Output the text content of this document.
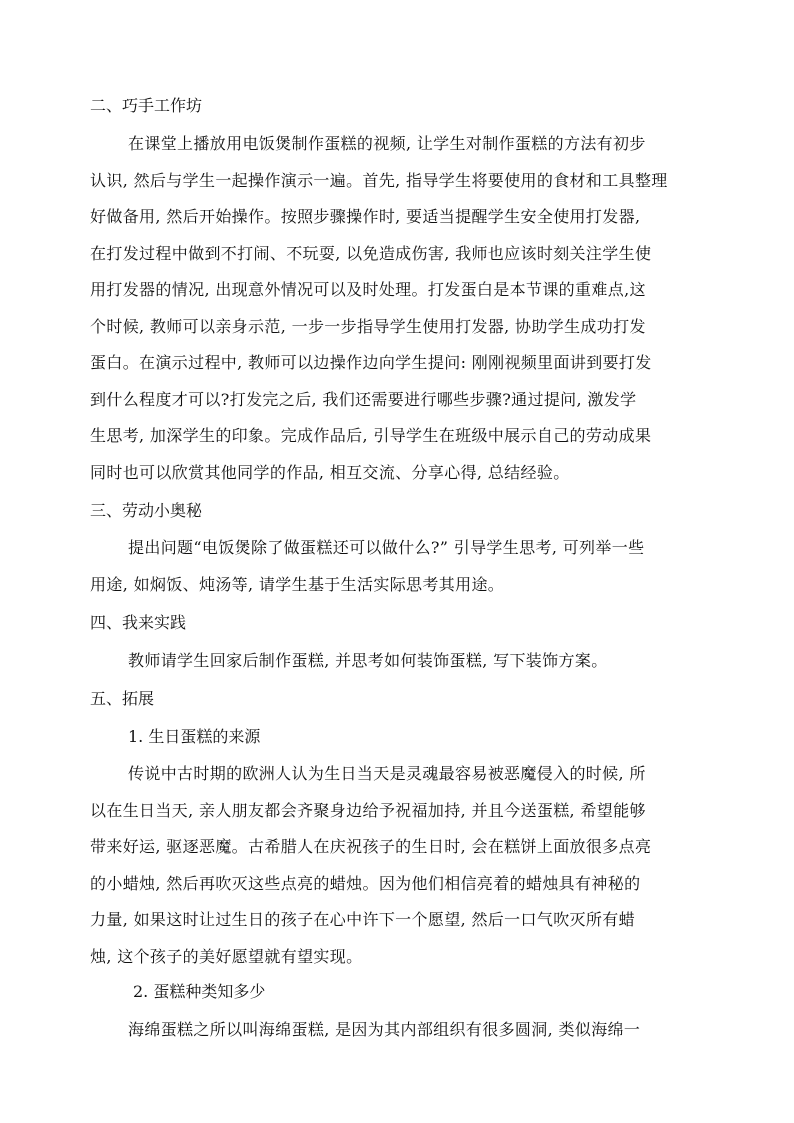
二、巧手工作坊
在课堂上播放用电饭煲制作蛋糕的视频, 让学生对制作蛋糕的方法有初步
认识, 然后与学生一起操作演示一遍。首先, 指导学生将要使用的食材和工具整理
好做备用, 然后开始操作。按照步骤操作时, 要适当提醒学生安全使用打发器,
在打发过程中做到不打闹、不玩耍, 以免造成伤害, 我师也应该时刻关注学生使
用打发器的情况, 出现意外情况可以及时处理。打发蛋白是本节课的重难点,这
个时候, 教师可以亲身示范, 一步一步指导学生使用打发器, 协助学生成功打发
蛋白。在演示过程中, 教师可以边操作边向学生提问: 刚刚视频里面讲到要打发
到什么程度才可以?打发完之后, 我们还需要进行哪些步骤?通过提问, 激发学
生思考, 加深学生的印象。完成作品后, 引导学生在班级中展示自己的劳动成果
同时也可以欣赏其他同学的作品, 相互交流、分享心得, 总结经验。
三、劳动小奥秘
提出问题“电饭煲除了做蛋糕还可以做什么?” 引导学生思考, 可列举一些
用途, 如焖饭、炖汤等, 请学生基于生活实际思考其用途。
四、我来实践
教师请学生回家后制作蛋糕, 并思考如何装饰蛋糕, 写下装饰方案。
五、拓展
1. 生日蛋糕的来源
传说中古时期的欧洲人认为生日当天是灵魂最容易被恶魔侵入的时候, 所
以在生日当天, 亲人朋友都会齐聚身边给予祝福加持, 并且今送蛋糕, 希望能够
带来好运, 驱逐恶魔。古希腊人在庆祝孩子的生日时, 会在糕饼上面放很多点亮
的小蜡烛, 然后再吹灭这些点亮的蜡烛。因为他们相信亮着的蜡烛具有神秘的
力量, 如果这时让过生日的孩子在心中许下一个愿望, 然后一口气吹灭所有蜡
烛, 这个孩子的美好愿望就有望实现。
2. 蛋糕种类知多少
海绵蛋糕之所以叫海绵蛋糕, 是因为其内部组织有很多圆洞, 类似海绵一
